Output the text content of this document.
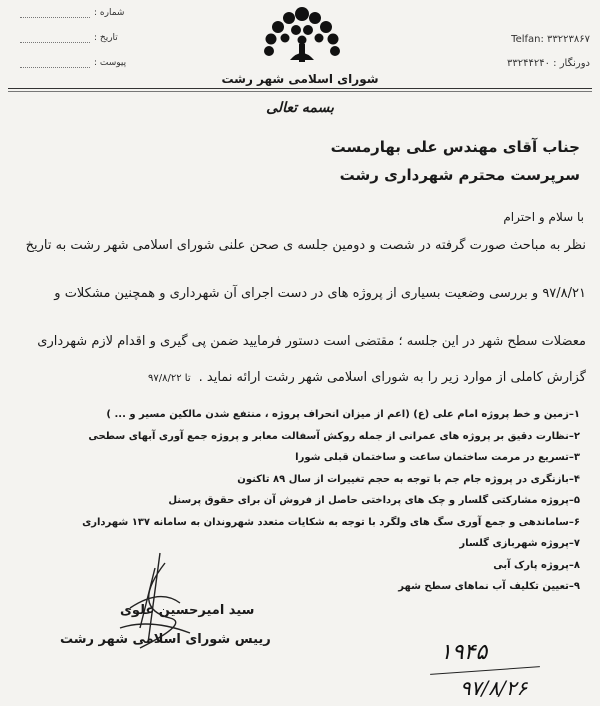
شماره :
تاریخ :
پیوست :
Telfan: ۳۳۲۲۳۸۶۷
دورنگار : ۳۳۲۴۴۲۴۰
شورای اسلامی شهر رشت
بسمه تعالی
جناب آقای مهندس علی بهارمست
سرپرست محترم شهرداری رشت
با سلام و احترام
نظر به مباحث صورت گرفته در شصت و دومین جلسه ی صحن علنی شورای اسلامی شهر رشت به تاریخ
۹۷/۸/۲۱ و بررسی وضعیت بسیاری از پروژه های در دست اجرای آن شهرداری و همچنین مشکلات و
معضلات سطح شهر در این جلسه ؛ مقتضی است دستور فرمایید ضمن پی گیری و اقدام لازم شهرداری
گزارش کاملی از موارد زیر را به شورای اسلامی شهر رشت ارائه نماید .تا ۹۷/۸/۲۲
۱–زمین و خط پروژه امام علی (ع) (اعم از میزان انحراف پروژه ، منتفع شدن مالکین مسیر و ... )
۲–نظارت دقیق بر پروژه های عمرانی از جمله روکش آسفالت معابر و پروژه جمع آوری آبهای سطحی
۳–تسریع در مرمت ساختمان ساعت و ساختمان قبلی شورا
۴–بازنگری در پروژه جام جم با توجه به حجم تغییرات از سال ۸۹ تاکنون
۵–پروژه مشارکتی گلسار و چک های پرداختی حاصل از فروش آن برای حقوق پرسنل
۶–ساماندهی و جمع آوری سگ های ولگرد با توجه به شکایات متعدد شهروندان به سامانه ۱۳۷ شهرداری
۷–پروژه شهربازی گلسار
۸–پروژه پارک آبی
۹–تعیین تکلیف آب نماهای سطح شهر
سید امیرحسین علوی
رییس شورای اسلامی شهر رشت
۱۹۴۵
۹۷/۸/۲۶
